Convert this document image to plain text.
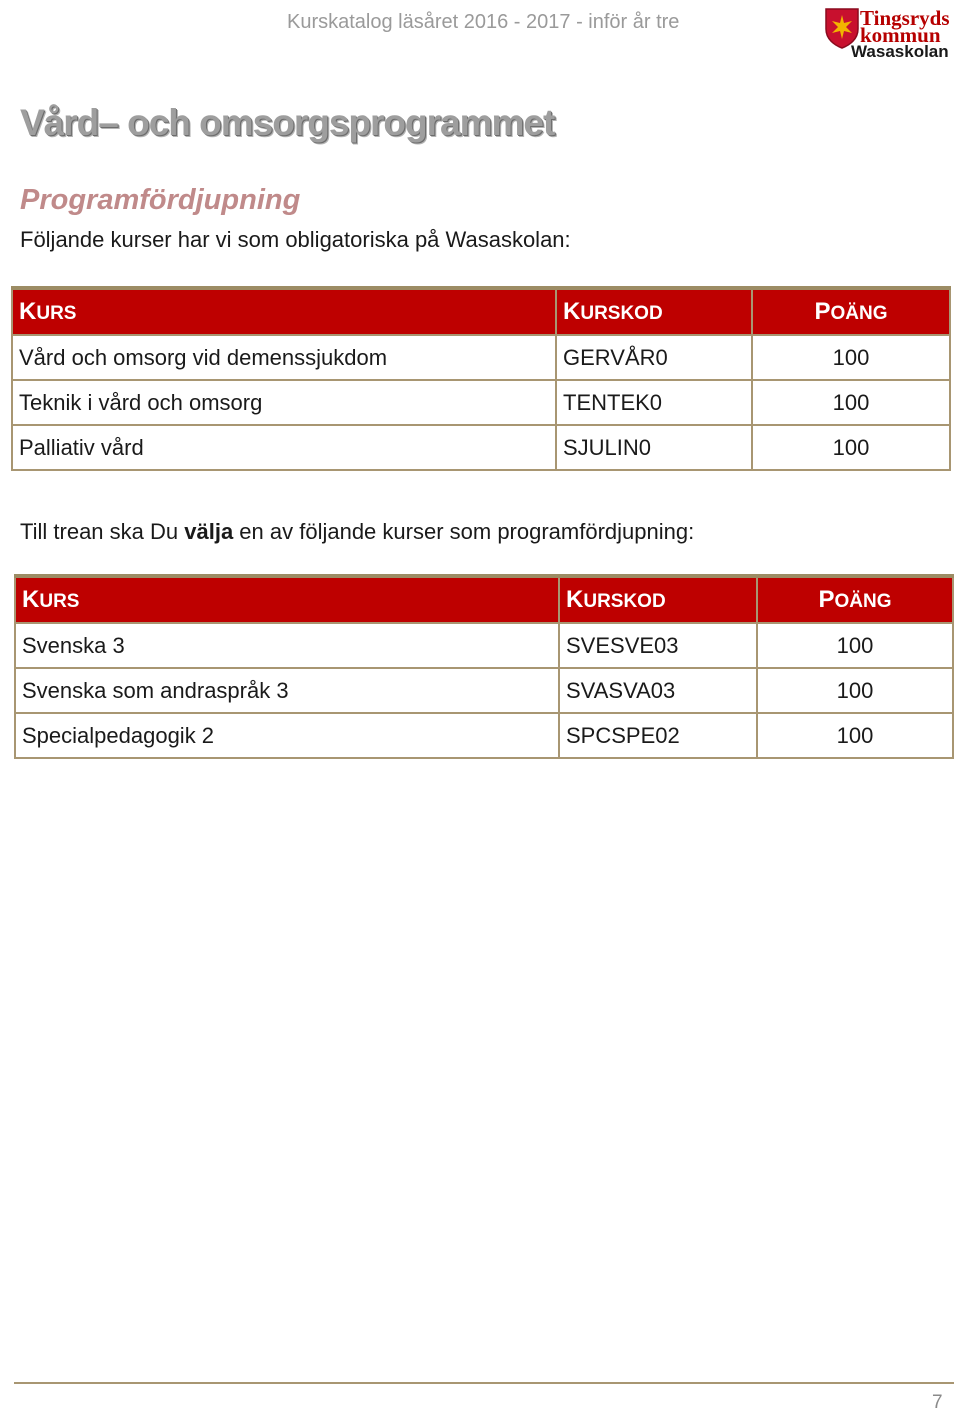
Kurskatalog läsåret 2016 - 2017 - inför år tre	Tingsryds
kommun
Wasaskolan
Vård– och omsorgsprogrammet
Programfördjupning
Följande kurser har vi som obligatoriska på Wasaskolan:
KURS	KURSKOD	POÄNG
Vård och omsorg vid demenssjukdom	GERVÅR0	100
Teknik i vård och omsorg	TENTEK0	100
Palliativ vård	SJULIN0	100
Till trean ska Du välja en av följande kurser som programfördjupning:
KURS	KURSKOD	POÄNG
Svenska 3	SVESVE03	100
Svenska som andraspråk 3	SVASVA03	100
Specialpedagogik 2	SPCSPE02	100
7
